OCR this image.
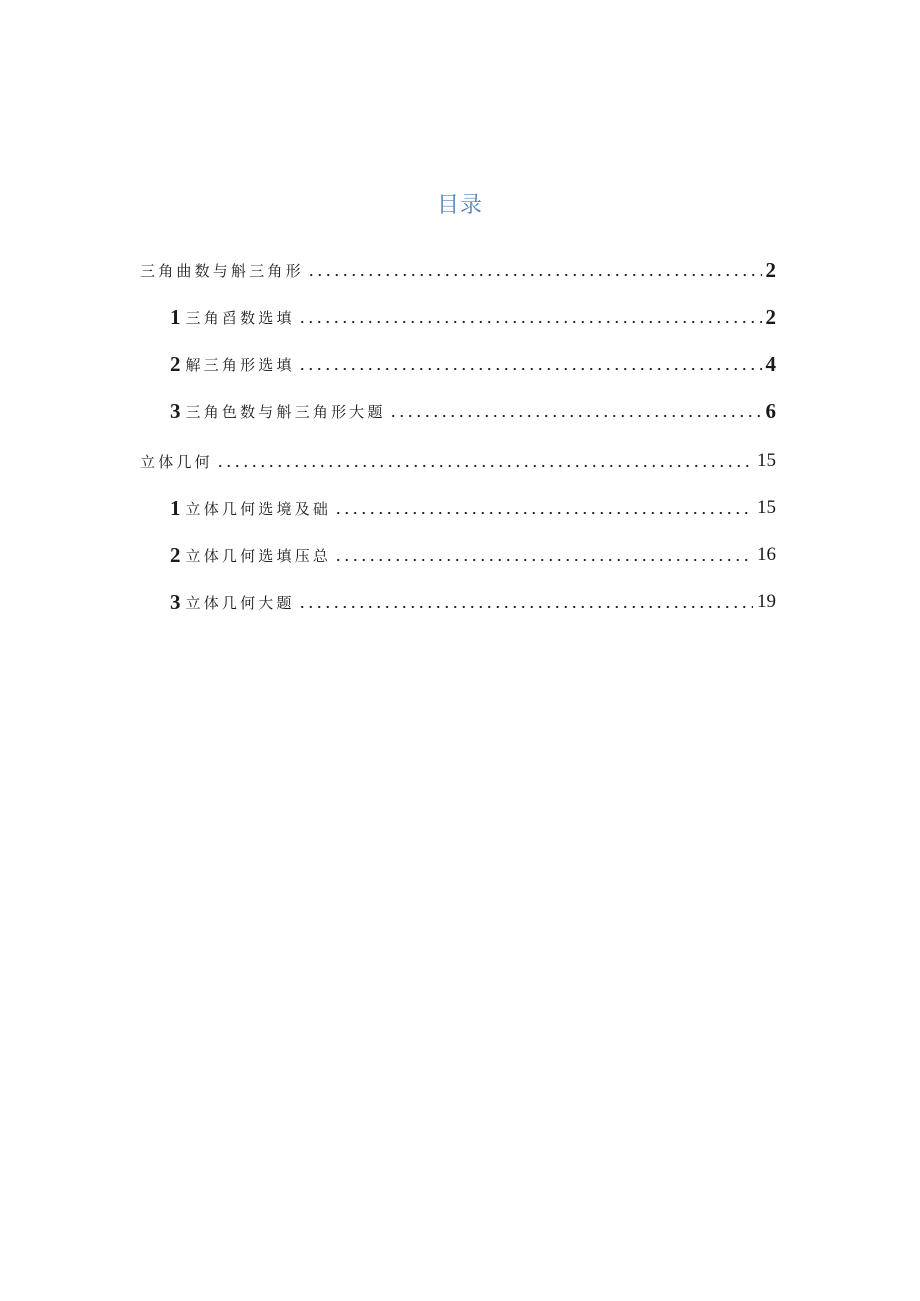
目录
三角曲数与斛三角形	2
1 三角舀数选填	2
2 解三角形选填	4
3 三角色数与斛三角形大题	6
立体几何	15
1 立体几何选境及础	15
2 立体几何选填压总	16
3 立体几何大题	19
